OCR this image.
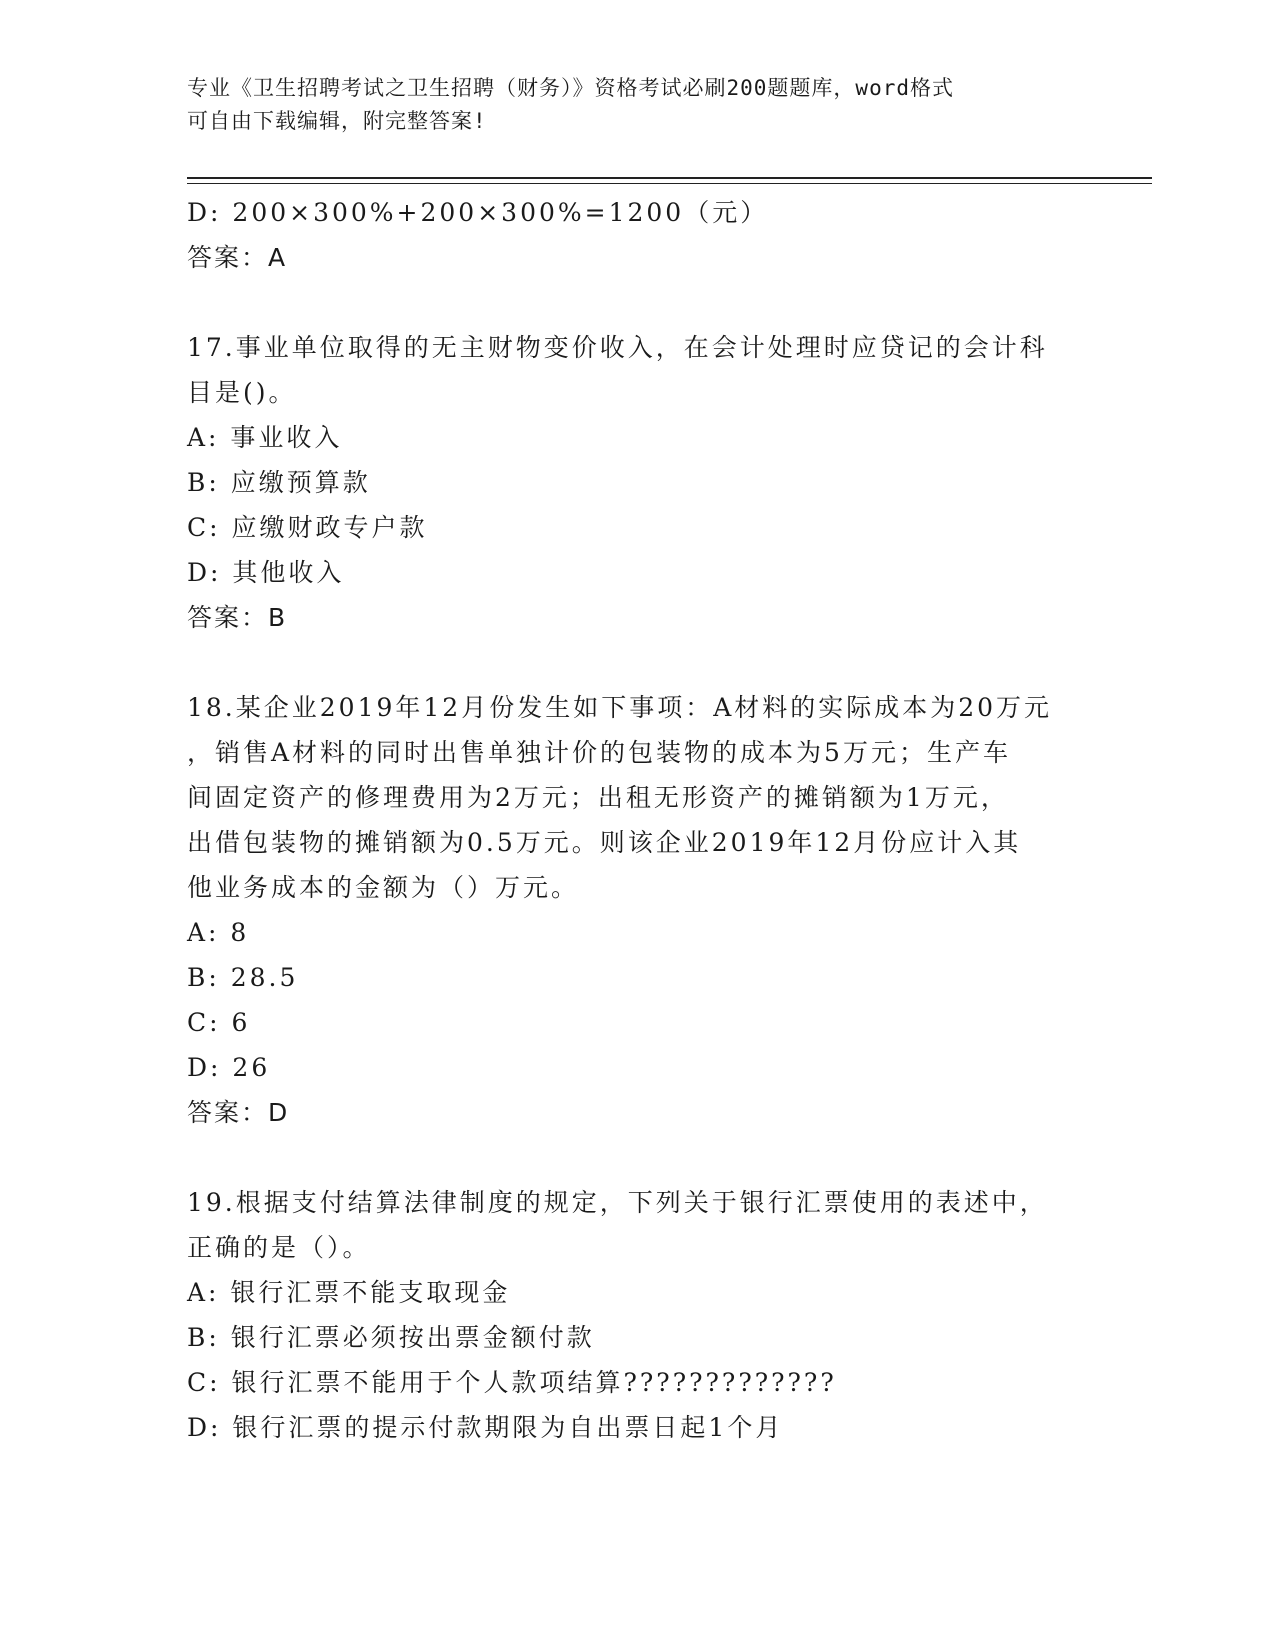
专业《卫生招聘考试之卫生招聘（财务）》资格考试必刷200题题库，word格式
可自由下载编辑，附完整答案!
D: 200×300%+200×300%=1200（元）
答案：A
17.事业单位取得的无主财物变价收入，在会计处理时应贷记的会计科
目是()。
A: 事业收入
B: 应缴预算款
C: 应缴财政专户款
D: 其他收入
答案：B
18.某企业2019年12月份发生如下事项：A材料的实际成本为20万元
，销售A材料的同时出售单独计价的包装物的成本为5万元；生产车
间固定资产的修理费用为2万元；出租无形资产的摊销额为1万元，
出借包装物的摊销额为0.5万元。则该企业2019年12月份应计入其
他业务成本的金额为（）万元。
A: 8
B: 28.5
C: 6
D: 26
答案：D
19.根据支付结算法律制度的规定，下列关于银行汇票使用的表述中，
正确的是（）。
A: 银行汇票不能支取现金
B: 银行汇票必须按出票金额付款
C: 银行汇票不能用于个人款项结算?????????????
D: 银行汇票的提示付款期限为自出票日起1个月
